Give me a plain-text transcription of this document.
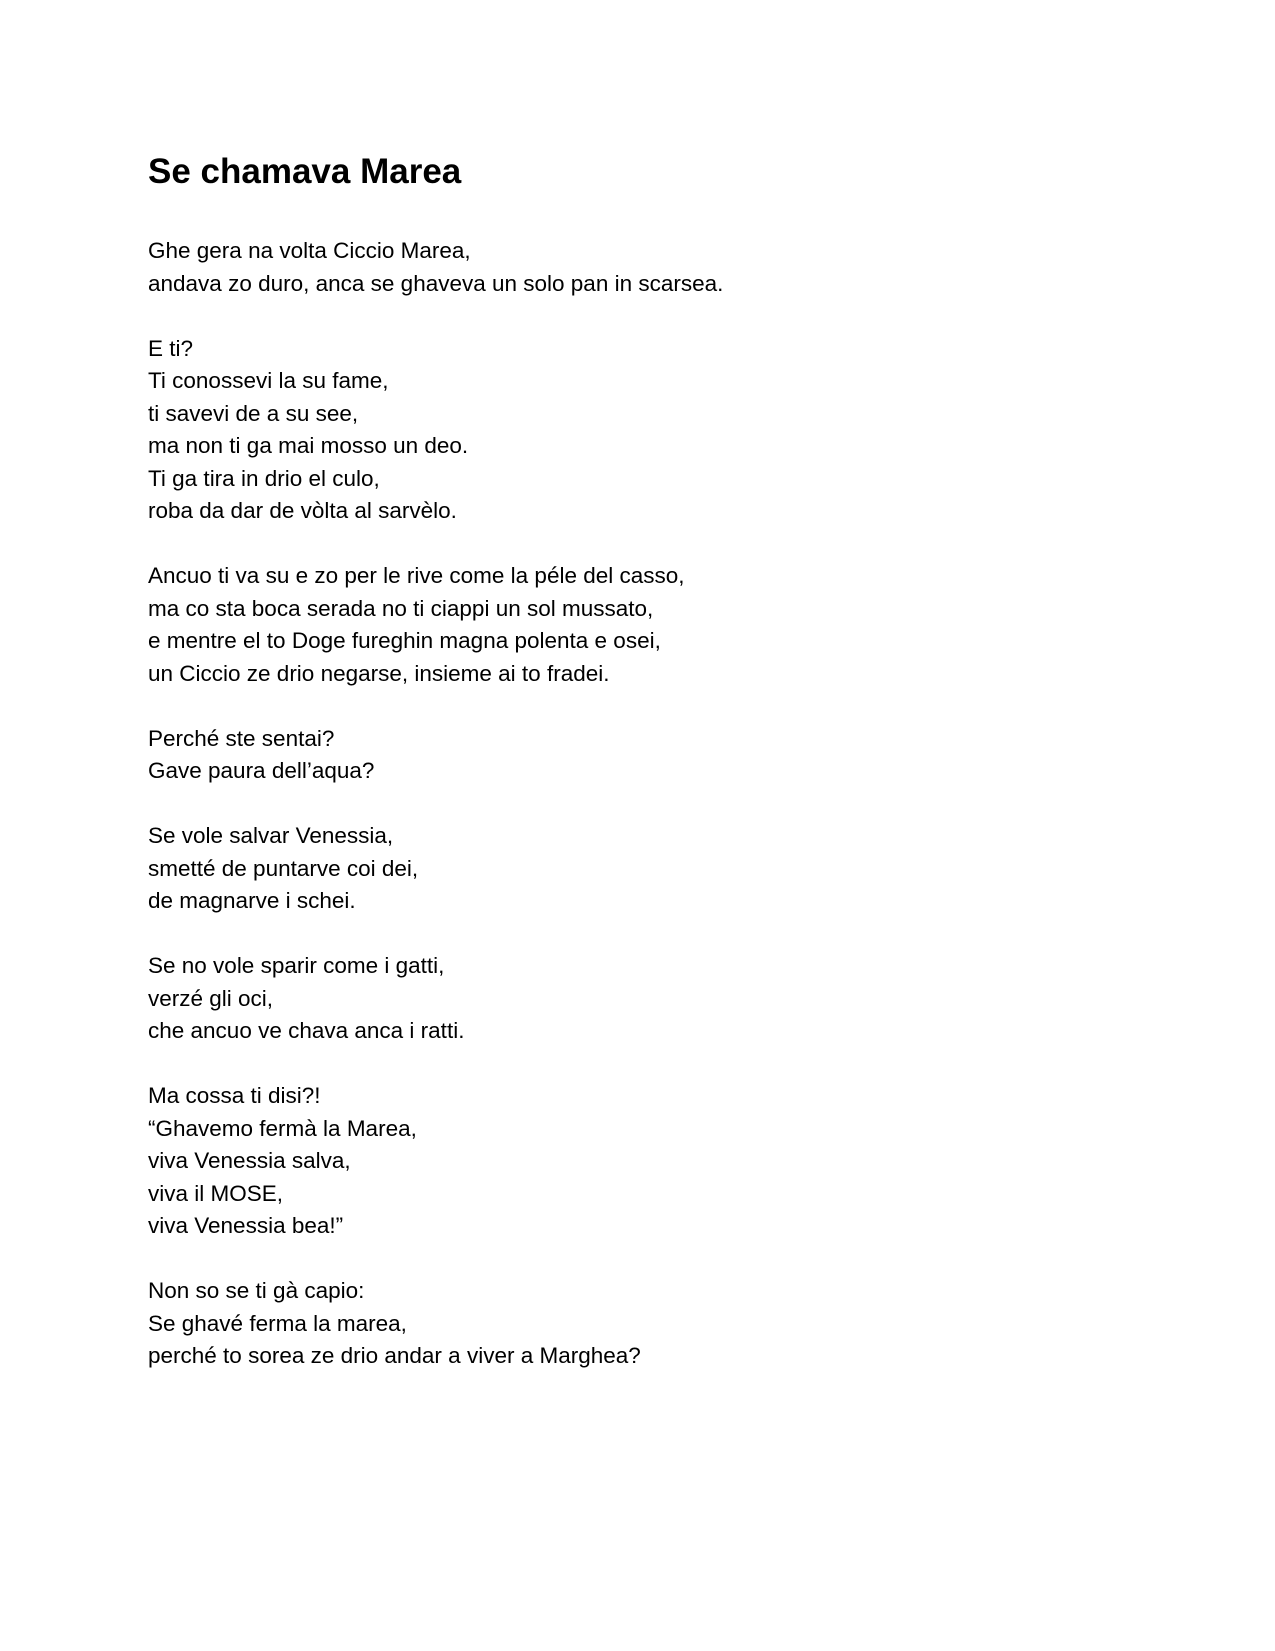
Se chamava Marea
Ghe gera na volta Ciccio Marea,
andava zo duro, anca se ghaveva un solo pan in scarsea.
E ti?
Ti conossevi la su fame,
ti savevi de a su see,
ma non ti ga mai mosso un deo.
Ti ga tira in drio el culo,
roba da dar de vòlta al sarvèlo.
Ancuo ti va su e zo per le rive come la péle del casso,
ma co sta boca serada no ti ciappi un sol mussato,
e mentre el to Doge fureghin magna polenta e osei,
un Ciccio ze drio negarse, insieme ai to fradei.
Perché ste sentai?
Gave paura dell’aqua?
Se vole salvar Venessia,
smetté de puntarve coi dei,
de magnarve i schei.
Se no vole sparir come i gatti,
verzé gli oci,
che ancuo ve chava anca i ratti.
Ma cossa ti disi?!
“Ghavemo fermà la Marea,
viva Venessia salva,
viva il MOSE,
viva Venessia bea!”
Non so se ti gà capio:
Se ghavé ferma la marea,
perché to sorea ze drio andar a viver a Marghea?
